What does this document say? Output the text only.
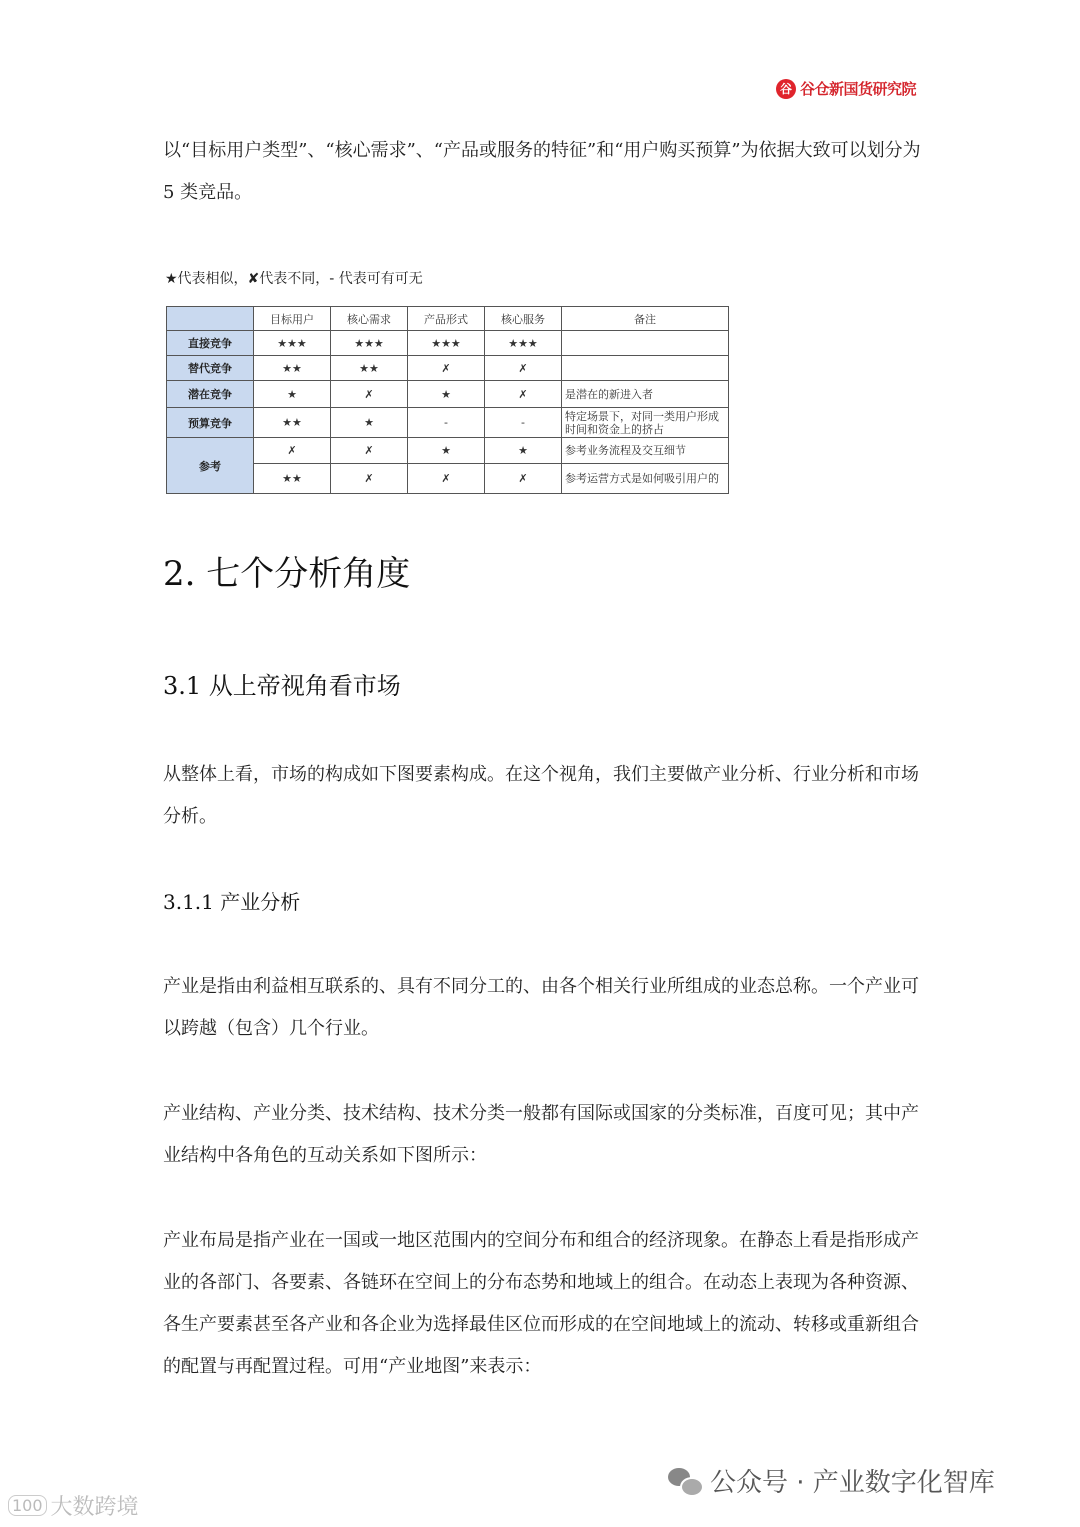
谷 谷仓新国货研究院

以“目标用户类型”、“核心需求”、“产品或服务的特征”和“用户购买预算”为依据大致可以划分为 5 类竞品。

★代表相似，✘代表不同，- 代表可有可无
	目标用户	核心需求	产品形式	核心服务	备注
直接竞争	★★★	★★★	★★★	★★★	
替代竞争	★★	★★	✗	✗	
潜在竞争	★	✗	★	✗	是潜在的新进入者
预算竞争	★★	★	-	-	特定场景下，对同一类用户形成时间和资金上的挤占
参考	✗	✗	★	★	参考业务流程及交互细节
	★★	✗	✗	✗	参考运营方式是如何吸引用户的
2. 七个分析角度
3.1 从上帝视角看市场

从整体上看，市场的构成如下图要素构成。在这个视角，我们主要做产业分析、行业分析和市场分析。

3.1.1 产业分析

产业是指由利益相互联系的、具有不同分工的、由各个相关行业所组成的业态总称。一个产业可以跨越（包含）几个行业。

产业结构、产业分类、技术结构、技术分类一般都有国际或国家的分类标准，百度可见；其中产业结构中各角色的互动关系如下图所示：

产业布局是指产业在一国或一地区范围内的空间分布和组合的经济现象。在静态上看是指形成产业的各部门、各要素、各链环在空间上的分布态势和地域上的组合。在动态上表现为各种资源、各生产要素甚至各产业和各企业为选择最佳区位而形成的在空间地域上的流动、转移或重新组合的配置与再配置过程。可用“产业地图”来表示：

公众号 · 产业数字化智库
100 大数跨境
